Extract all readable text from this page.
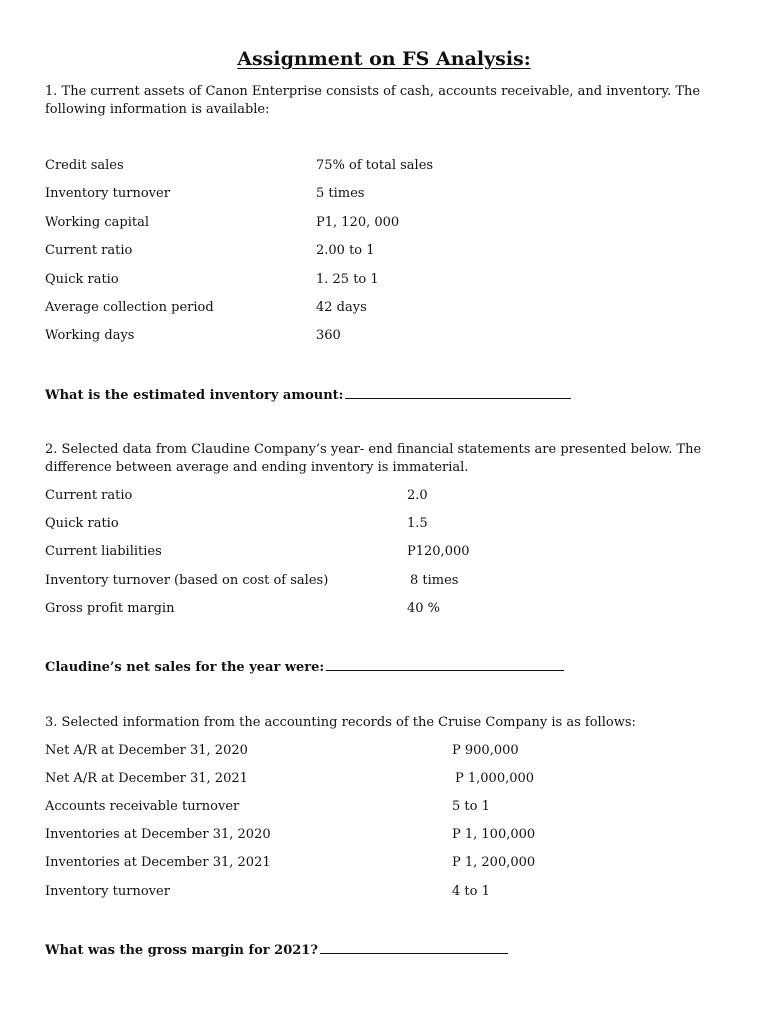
Assignment on FS Analysis:
1. The current assets of Canon Enterprise consists of cash, accounts receivable, and inventory. The following information is available:
Credit sales	75% of total sales
Inventory turnover	5 times
Working capital	P1, 120, 000
Current ratio	2.00 to 1
Quick ratio	1. 25 to 1
Average collection period	42 days
Working days	360
What is the estimated inventory amount:
2. Selected data from Claudine Company’s year- end financial statements are presented below. The difference between average and ending inventory is immaterial.
Current ratio	2.0
Quick ratio	1.5
Current liabilities	P120,000
Inventory turnover (based on cost of sales)	8 times
Gross profit margin	40 %
Claudine’s net sales for the year were:
3. Selected information from the accounting records of the Cruise Company is as follows:
Net A/R at December 31, 2020	P 900,000
Net A/R at December 31, 2021	P 1,000,000
Accounts receivable turnover	5 to 1
Inventories at December 31, 2020	P 1, 100,000
Inventories at December 31, 2021	P 1, 200,000
Inventory turnover	4 to 1
What was the gross margin for 2021?
